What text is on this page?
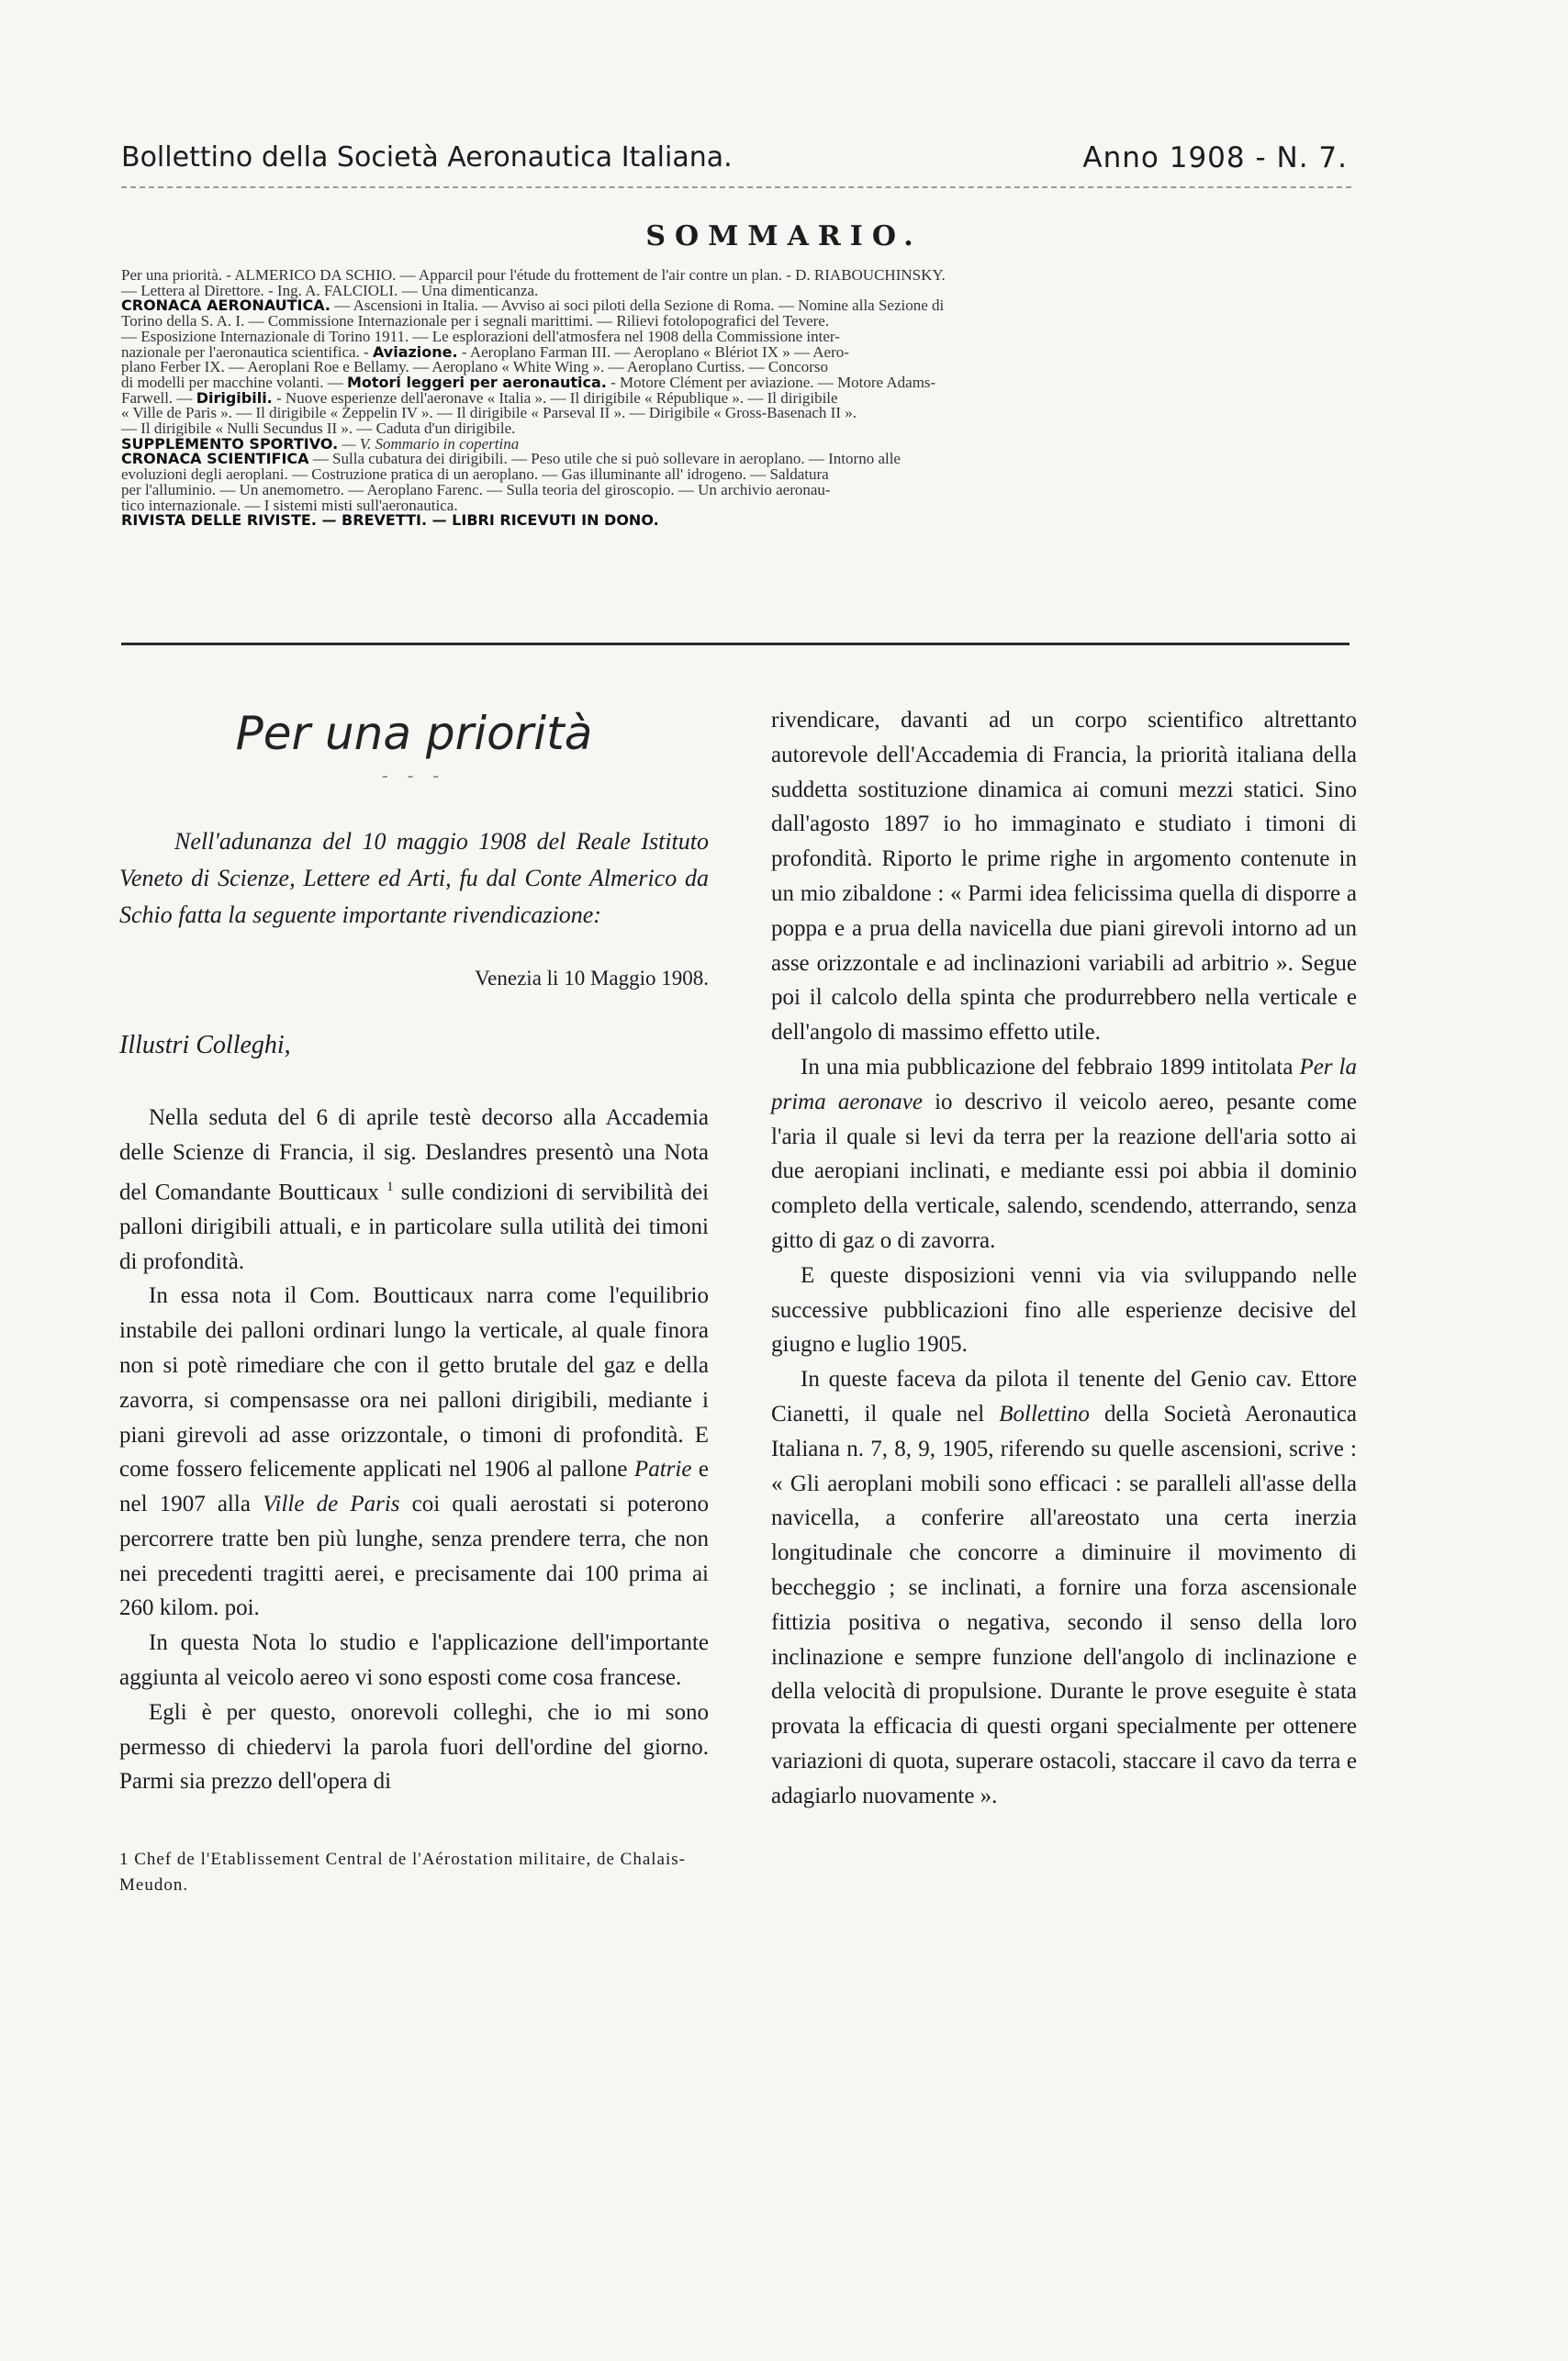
Bollettino della Società Aeronautica Italiana.	Anno 1908 - N. 7.
SOMMARIO.

Per una priorità. - ALMERICO DA SCHIO. — Apparcil pour l'étude du frottement de l'air contre un plan. - D. RIABOUCHINSKY.

— Lettera al Direttore. - Ing. A. FALCIOLI. — Una dimenticanza.

CRONACA AERONAUTICA. — Ascensioni in Italia. — Avviso ai soci piloti della Sezione di Roma. — Nomine alla Sezione di

Torino della S. A. I. — Commissione Internazionale per i segnali marittimi. — Rilievi fotolopografici del Tevere.

— Esposizione Internazionale di Torino 1911. — Le esplorazioni dell'atmosfera nel 1908 della Commissione inter-

nazionale per l'aeronautica scientifica. - Aviazione. - Aeroplano Farman III. — Aeroplano « Blériot IX » — Aero-

plano Ferber IX. — Aeroplani Roe e Bellamy. — Aeroplano « White Wing ». — Aeroplano Curtiss. — Concorso

di modelli per macchine volanti. — Motori leggeri per aeronautica. - Motore Clément per aviazione. — Motore Adams-

Farwell. — Dirigibili. - Nuove esperienze dell'aeronave « Italia ». — Il dirigibile « République ». — Il dirigibile

« Ville de Paris ». — Il dirigibile « Zeppelin IV ». — Il dirigibile « Parseval II ». — Dirigibile « Gross-Basenach II ».

— Il dirigibile « Nulli Secundus II ». — Caduta d'un dirigibile.

SUPPLEMENTO SPORTIVO. — V. Sommario in copertina

CRONACA SCIENTIFICA — Sulla cubatura dei dirigibili. — Peso utile che si può sollevare in aeroplano. — Intorno alle

evoluzioni degli aeroplani. — Costruzione pratica di un aeroplano. — Gas illuminante all' idrogeno. — Saldatura

per l'alluminio. — Un anemometro. — Aeroplano Farenc. — Sulla teoria del giroscopio. — Un archivio aeronau-

tico internazionale. — I sistemi misti sull'aeronautica.

RIVISTA DELLE RIVISTE. — BREVETTI. — LIBRI RICEVUTI IN DONO.

Per una priorità

- - -

Nell'adunanza del 10 maggio 1908 del Reale Istituto Veneto di Scienze, Lettere ed Arti, fu dal Conte Almerico da Schio fatta la seguente importante rivendicazione:

Venezia li 10 Maggio 1908.

Illustri Colleghi,

Nella seduta del 6 di aprile testè decorso alla Accademia delle Scienze di Francia, il sig. Deslandres presentò una Nota del Comandante Boutticaux $^1$ sulle condizioni di servibilità dei palloni dirigibili attuali, e in particolare sulla utilità dei timoni di profondità.

In essa nota il Com. Boutticaux narra come l'equilibrio instabile dei palloni ordinari lungo la verticale, al quale finora non si potè rimediare che con il getto brutale del gaz e della zavorra, si compensasse ora nei palloni dirigibili, mediante i piani girevoli ad asse orizzontale, o timoni di profondità. E come fossero felicemente applicati nel 1906 al pallone Patrie e nel 1907 alla Ville de Paris coi quali aerostati si poterono percorrere tratte ben più lunghe, senza prendere terra, che non nei precedenti tragitti aerei, e precisamente dai 100 prima ai 260 kilom. poi.

In questa Nota lo studio e l'applicazione dell'importante aggiunta al veicolo aereo vi sono esposti come cosa francese.

Egli è per questo, onorevoli colleghi, che io mi sono permesso di chiedervi la parola fuori dell'ordine del giorno. Parmi sia prezzo dell'opera di

1 Chef de l'Etablissement Central de l'Aérostation militaire, de Chalais-Meudon.

rivendicare, davanti ad un corpo scientifico altrettanto autorevole dell'Accademia di Francia, la priorità italiana della suddetta sostituzione dinamica ai comuni mezzi statici. Sino dall'agosto 1897 io ho immaginato e studiato i timoni di profondità. Riporto le prime righe in argomento contenute in un mio zibaldone : « Parmi idea felicissima quella di disporre a poppa e a prua della navicella due piani girevoli intorno ad un asse orizzontale e ad inclinazioni variabili ad arbitrio ». Segue poi il calcolo della spinta che produrrebbero nella verticale e dell'angolo di massimo effetto utile.

In una mia pubblicazione del febbraio 1899 intitolata Per la prima aeronave io descrivo il veicolo aereo, pesante come l'aria il quale si levi da terra per la reazione dell'aria sotto ai due aeropiani inclinati, e mediante essi poi abbia il dominio completo della verticale, salendo, scendendo, atterrando, senza gitto di gaz o di zavorra.

E queste disposizioni venni via via sviluppando nelle successive pubblicazioni fino alle esperienze decisive del giugno e luglio 1905.

In queste faceva da pilota il tenente del Genio cav. Ettore Cianetti, il quale nel Bollettino della Società Aeronautica Italiana n. 7, 8, 9, 1905, riferendo su quelle ascensioni, scrive : « Gli aeroplani mobili sono efficaci : se paralleli all'asse della navicella, a conferire all'areostato una certa inerzia longitudinale che concorre a diminuire il movimento di beccheggio ; se inclinati, a fornire una forza ascensionale fittizia positiva o negativa, secondo il senso della loro inclinazione e sempre funzione dell'angolo di inclinazione e della velocità di propulsione. Durante le prove eseguite è stata provata la efficacia di questi organi specialmente per ottenere variazioni di quota, superare ostacoli, staccare il cavo da terra e adagiarlo nuovamente ».
